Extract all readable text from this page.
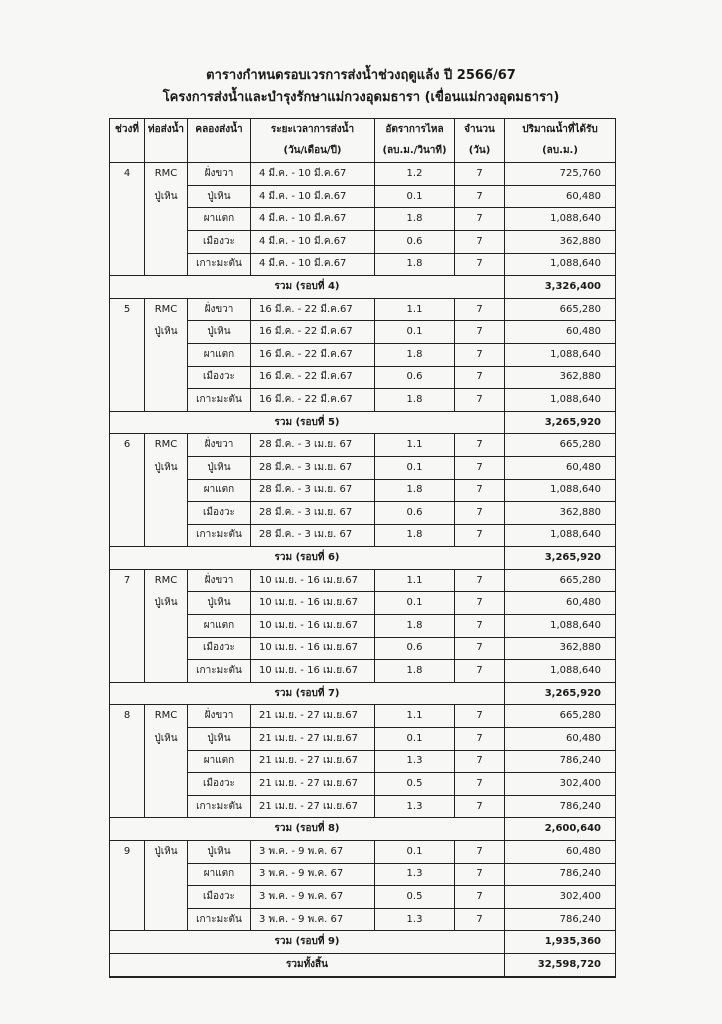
ตารางกำหนดรอบเวรการส่งน้ำช่วงฤดูแล้ง ปี 2566/67
โครงการส่งน้ำและบำรุงรักษาแม่กวงอุดมธารา (เขื่อนแม่กวงอุดมธารา)
ช่วงที่	ท่อส่งน้ำ	คลองส่งน้ำ	ระยะเวลาการส่งน้ำ	อัตราการไหล	จำนวน	ปริมาณน้ำที่ได้รับ
			(วัน/เดือน/ปี)	(ลบ.ม./วินาที)	(วัน)	(ลบ.ม.)
4	RMC	ฝั่งขวา	4 มี.ค. - 10 มี.ค.67	1.2	7	725,760
	ปู่เหิน	ปู่เหิน	4 มี.ค. - 10 มี.ค.67	0.1	7	60,480
		ผาแตก	4 มี.ค. - 10 มี.ค.67	1.8	7	1,088,640
		เมืองวะ	4 มี.ค. - 10 มี.ค.67	0.6	7	362,880
		เกาะมะตัน	4 มี.ค. - 10 มี.ค.67	1.8	7	1,088,640
รวม (รอบที่ 4)						3,326,400
5	RMC	ฝั่งขวา	16 มี.ค. - 22 มี.ค.67	1.1	7	665,280
	ปู่เหิน	ปู่เหิน	16 มี.ค. - 22 มี.ค.67	0.1	7	60,480
		ผาแตก	16 มี.ค. - 22 มี.ค.67	1.8	7	1,088,640
		เมืองวะ	16 มี.ค. - 22 มี.ค.67	0.6	7	362,880
		เกาะมะตัน	16 มี.ค. - 22 มี.ค.67	1.8	7	1,088,640
รวม (รอบที่ 5)						3,265,920
6	RMC	ฝั่งขวา	28 มี.ค. - 3 เม.ย. 67	1.1	7	665,280
	ปู่เหิน	ปู่เหิน	28 มี.ค. - 3 เม.ย. 67	0.1	7	60,480
		ผาแตก	28 มี.ค. - 3 เม.ย. 67	1.8	7	1,088,640
		เมืองวะ	28 มี.ค. - 3 เม.ย. 67	0.6	7	362,880
		เกาะมะตัน	28 มี.ค. - 3 เม.ย. 67	1.8	7	1,088,640
รวม (รอบที่ 6)						3,265,920
7	RMC	ฝั่งขวา	10 เม.ย. - 16 เม.ย.67	1.1	7	665,280
	ปู่เหิน	ปู่เหิน	10 เม.ย. - 16 เม.ย.67	0.1	7	60,480
		ผาแตก	10 เม.ย. - 16 เม.ย.67	1.8	7	1,088,640
		เมืองวะ	10 เม.ย. - 16 เม.ย.67	0.6	7	362,880
		เกาะมะตัน	10 เม.ย. - 16 เม.ย.67	1.8	7	1,088,640
รวม (รอบที่ 7)						3,265,920
8	RMC	ฝั่งขวา	21 เม.ย. - 27 เม.ย.67	1.1	7	665,280
	ปู่เหิน	ปู่เหิน	21 เม.ย. - 27 เม.ย.67	0.1	7	60,480
		ผาแตก	21 เม.ย. - 27 เม.ย.67	1.3	7	786,240
		เมืองวะ	21 เม.ย. - 27 เม.ย.67	0.5	7	302,400
		เกาะมะตัน	21 เม.ย. - 27 เม.ย.67	1.3	7	786,240
รวม (รอบที่ 8)						2,600,640
9	ปู่เหิน	ปู่เหิน	3 พ.ค. - 9 พ.ค. 67	0.1	7	60,480
		ผาแตก	3 พ.ค. - 9 พ.ค. 67	1.3	7	786,240
		เมืองวะ	3 พ.ค. - 9 พ.ค. 67	0.5	7	302,400
		เกาะมะตัน	3 พ.ค. - 9 พ.ค. 67	1.3	7	786,240
รวม (รอบที่ 9)						1,935,360
รวมทั้งสิ้น						32,598,720
